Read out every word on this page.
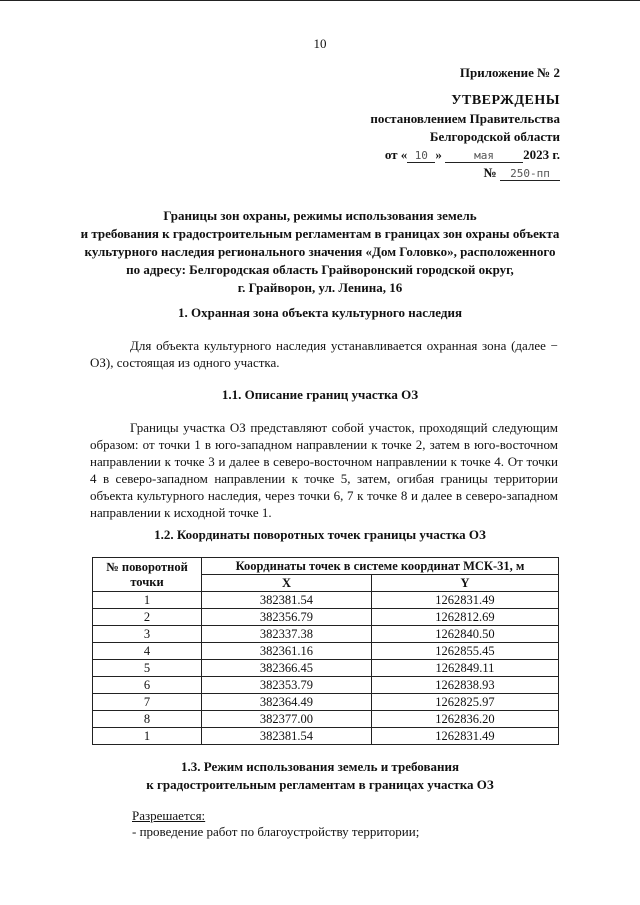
10
Приложение № 2
УТВЕРЖДЕНЫ
постановлением Правительства
Белгородской области
от « 10 »	мая 2023 г.
№ 250-пп
Границы зон охраны, режимы использования земель
и требования к градостроительным регламентам в границах зон охраны объекта
культурного наследия регионального значения «Дом Головко», расположенного
по адресу: Белгородская область Грайворонский городской округ,
г. Грайворон, ул. Ленина, 16
1. Охранная зона объекта культурного наследия
Для объекта культурного наследия устанавливается охранная зона (далее − ОЗ), состоящая из одного участка.
1.1. Описание границ участка ОЗ
Границы участка ОЗ представляют собой участок, проходящий следующим образом: от точки 1 в юго-западном направлении к точке 2, затем в юго-восточном направлении к точке 3 и далее в северо-восточном направлении к точке 4. От точки 4 в северо-западном направлении к точке 5, затем, огибая границы территории объекта культурного наследия, через точки 6, 7 к точке 8 и далее в северо-западном направлении к исходной точке 1.
1.2. Координаты поворотных точек границы участка ОЗ
№ поворотной точки	Координаты точек в системе координат МСК-31, м	
	X	Y
1	382381.54	1262831.49
2	382356.79	1262812.69
3	382337.38	1262840.50
4	382361.16	1262855.45
5	382366.45	1262849.11
6	382353.79	1262838.93
7	382364.49	1262825.97
8	382377.00	1262836.20
1	382381.54	1262831.49
1.3. Режим использования земель и требования
к градостроительным регламентам в границах участка ОЗ
Разрешается:
- проведение работ по благоустройству территории;
